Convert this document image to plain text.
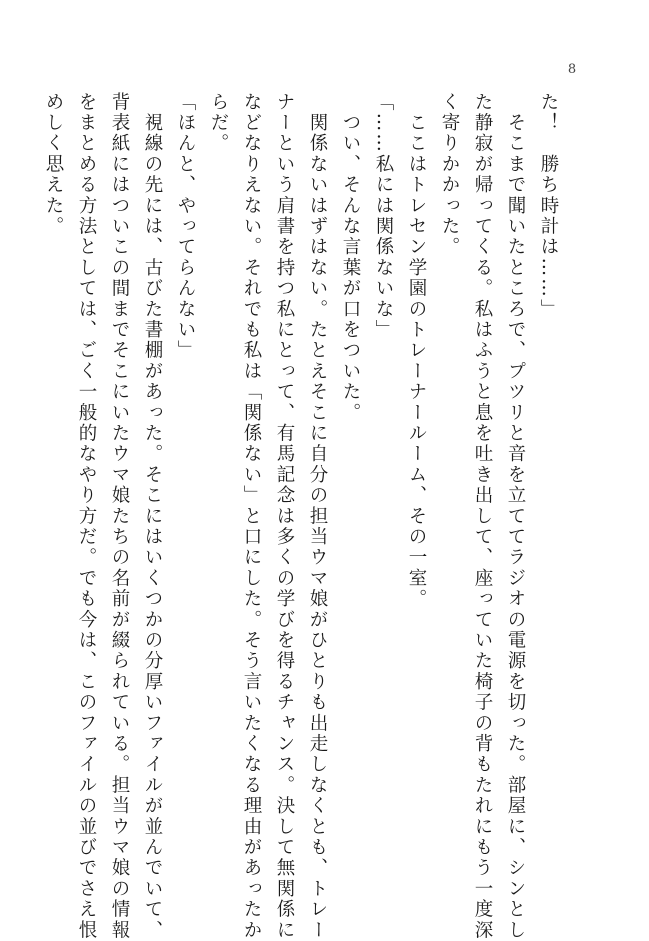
8
た！　勝ち時計は……」
　そこまで聞いたところで、プツリと音を立ててラジオの電源を切った。部屋に、シンとし
た静寂が帰ってくる。私はふうと息を吐き出して、座っていた椅子の背もたれにもう一度深
く寄りかかった。
　ここはトレセン学園のトレーナールーム、その一室。
「……私には関係ないな」
　つい、そんな言葉が口をついた。
　関係ないはずはない。たとえそこに自分の担当ウマ娘がひとりも出走しなくとも、トレー
ナーという肩書を持つ私にとって、有馬記念は多くの学びを得るチャンス。決して無関係に
などなりえない。それでも私は「関係ない」と口にした。そう言いたくなる理由があったか
らだ。
「ほんと、やってらんない」
　視線の先には、古びた書棚があった。そこにはいくつかの分厚いファイルが並んでいて、
背表紙にはついこの間までそこにいたウマ娘たちの名前が綴られている。担当ウマ娘の情報
をまとめる方法としては、ごく一般的なやり方だ。でも今は、このファイルの並びでさえ恨
めしく思えた。
